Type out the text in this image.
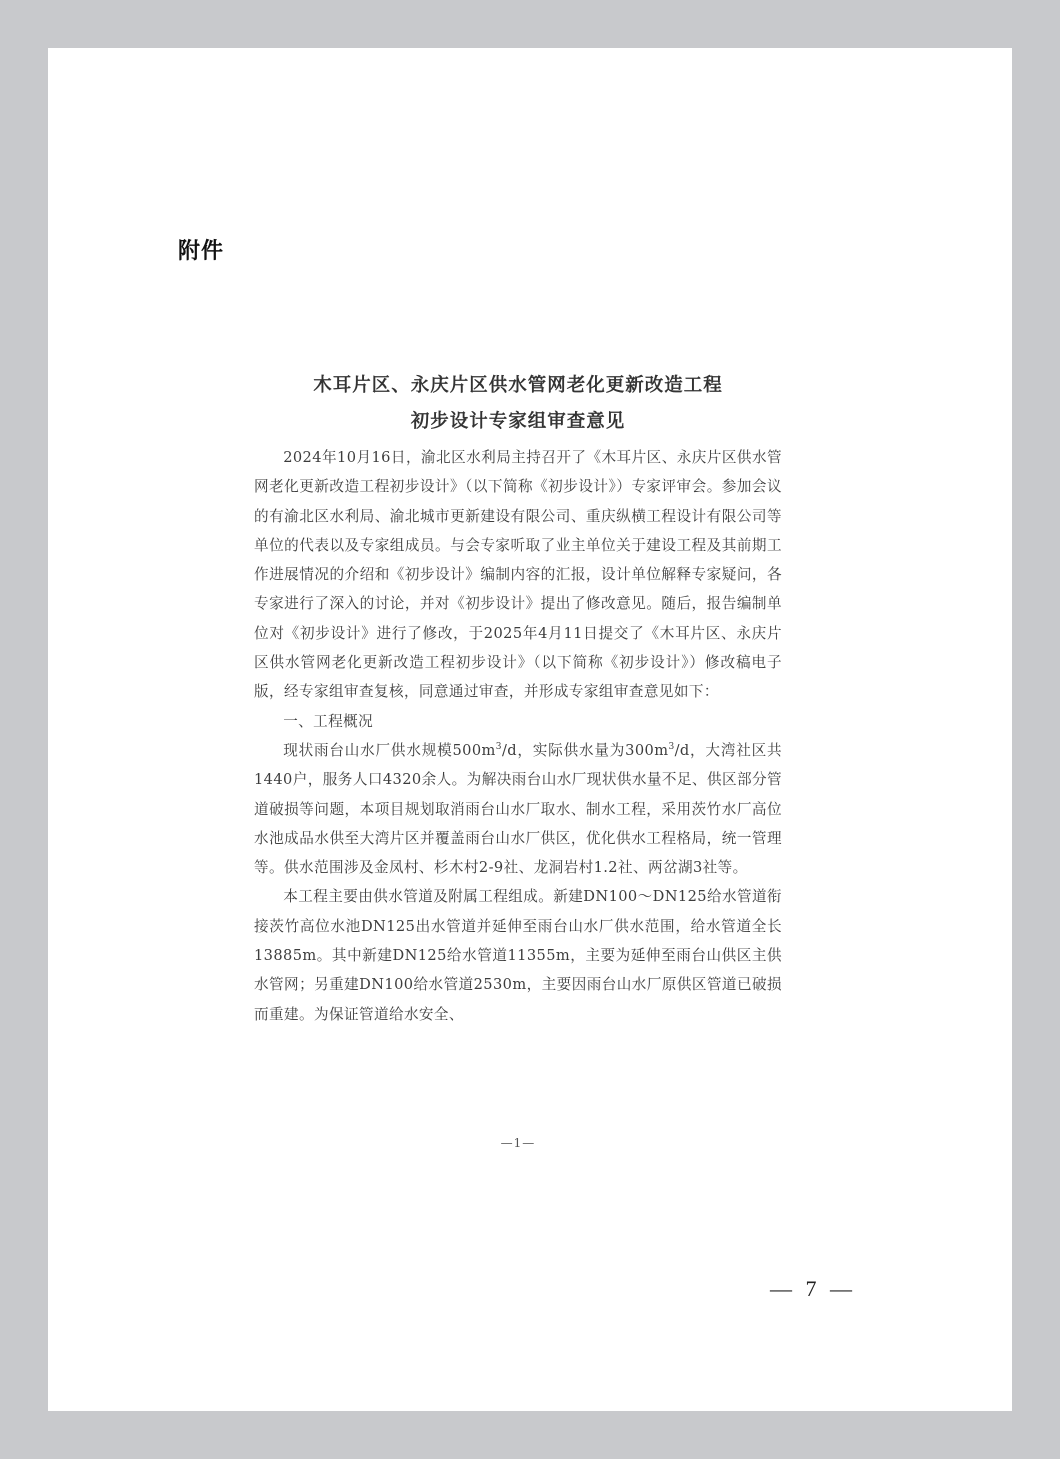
附件

木耳片区、永庆片区供水管网老化更新改造工程

初步设计专家组审查意见

2024年10月16日，渝北区水利局主持召开了《木耳片区、永庆片区供水管网老化更新改造工程初步设计》（以下简称《初步设计》）专家评审会。参加会议的有渝北区水利局、渝北城市更新建设有限公司、重庆纵横工程设计有限公司等单位的代表以及专家组成员。与会专家听取了业主单位关于建设工程及其前期工作进展情况的介绍和《初步设计》编制内容的汇报，设计单位解释专家疑问，各专家进行了深入的讨论，并对《初步设计》提出了修改意见。随后，报告编制单位对《初步设计》进行了修改，于2025年4月11日提交了《木耳片区、永庆片区供水管网老化更新改造工程初步设计》（以下简称《初步设计》）修改稿电子版，经专家组审查复核，同意通过审查，并形成专家组审查意见如下：

一、工程概况

现状雨台山水厂供水规模$500m^3/d$，实际供水量为$300m^3/d$，大湾社区共1440户，服务人口4320余人。为解决雨台山水厂现状供水量不足、供区部分管道破损等问题，本项目规划取消雨台山水厂取水、制水工程，采用茨竹水厂高位水池成品水供至大湾片区并覆盖雨台山水厂供区，优化供水工程格局，统一管理等。供水范围涉及金凤村、杉木村2-9社、龙洞岩村1.2社、两岔湖3社等。

本工程主要由供水管道及附属工程组成。新建DN100～DN125给水管道衔接茨竹高位水池DN125出水管道并延伸至雨台山水厂供水范围，给水管道全长13885m。其中新建DN125给水管道11355m，主要为延伸至雨台山供区主供水管网；另重建DN100给水管道2530m，主要因雨台山水厂原供区管道已破损而重建。为保证管道给水安全、

—1—
— 7 —
